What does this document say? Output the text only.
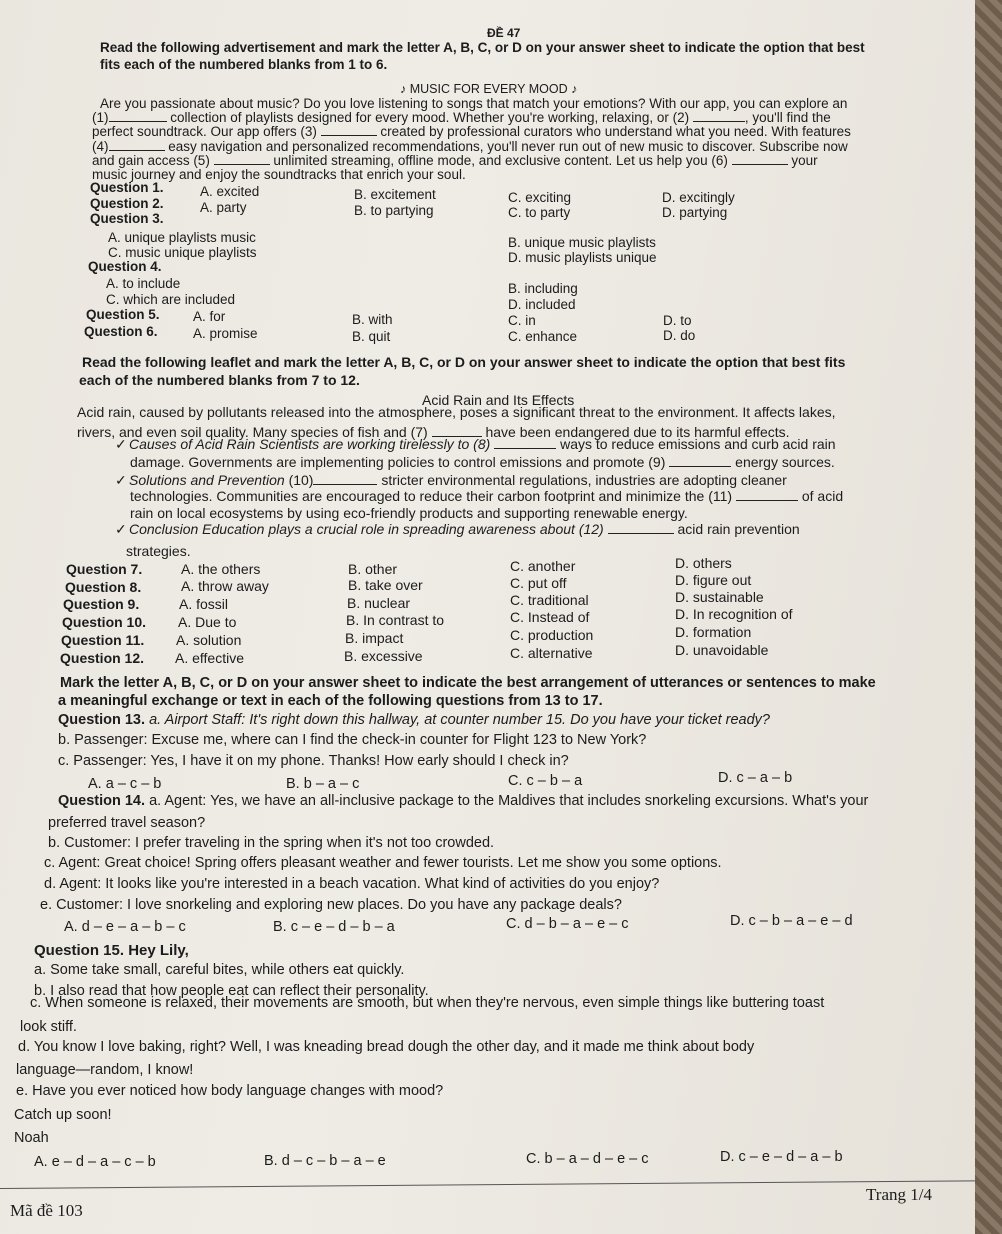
ĐỀ 47
Read the following advertisement and mark the letter A, B, C, or D on your answer sheet to indicate the option that best
fits each of the numbered blanks from 1 to 6.
♪ MUSIC FOR EVERY MOOD ♪
Are you passionate about music? Do you love listening to songs that match your emotions? With our app, you can explore an
(1)	collection of playlists designed for every mood. Whether you're working, relaxing, or (2)	, you'll find the
perfect soundtrack. Our app offers (3)	created by professional curators who understand what you need. With features
(4)	easy navigation and personalized recommendations, you'll never run out of new music to discover. Subscribe now
and gain access (5)	unlimited streaming, offline mode, and exclusive content. Let us help you (6)	your
music journey and enjoy the soundtracks that enrich your soul.
Question 1.	A. excited	B. excitement	C. exciting	D. excitingly
Question 2.	A. party	B. to partying	C. to party	D. partying
Question 3.
A. unique playlists music	B. unique music playlists
C. music unique playlists	D. music playlists unique
Question 4.
A. to include	B. including
C. which are included	D. included
Question 5. A. for	B. with	C. in	D. to
Question 6.	A. promise	B. quit	C. enhance	D. do
Read the following leaflet and mark the letter A, B, C, or D on your answer sheet to indicate the option that best fits
each of the numbered blanks from 7 to 12.
Acid Rain and Its Effects
Acid rain, caused by pollutants released into the atmosphere, poses a significant threat to the environment. It affects lakes,
rivers, and even soil quality. Many species of fish and (7)	have been endangered due to its harmful effects.
✓ Causes of Acid Rain Scientists are working tirelessly to (8)	ways to reduce emissions and curb acid rain
damage. Governments are implementing policies to control emissions and promote (9)	energy sources.
✓ Solutions and Prevention (10)	stricter environmental regulations, industries are adopting cleaner
technologies. Communities are encouraged to reduce their carbon footprint and minimize the (11)	of acid
rain on local ecosystems by using eco-friendly products and supporting renewable energy.
✓ Conclusion Education plays a crucial role in spreading awareness about (12)	acid rain prevention
strategies.
Question 7.	A. the others	B. other	C. another	D. others
Question 8.	A. throw away	B. take over	C. put off	D. figure out
Question 9.	A. fossil	B. nuclear	C. traditional	D. sustainable
Question 10. A. Due to	B. In contrast to	C. Instead of	D. In recognition of
Question 11. A. solution	B. impact	C. production	D. formation
Question 12. A. effective	B. excessive	C. alternative	D. unavoidable
Mark the letter A, B, C, or D on your answer sheet to indicate the best arrangement of utterances or sentences to make
a meaningful exchange or text in each of the following questions from 13 to 17.
Question 13. a. Airport Staff: It's right down this hallway, at counter number 15. Do you have your ticket ready?
b. Passenger: Excuse me, where can I find the check-in counter for Flight 123 to New York?
c. Passenger: Yes, I have it on my phone. Thanks! How early should I check in?
A. a – c – b	B. b – a – c	C. c – b – a	D. c – a – b
Question 14. a. Agent: Yes, we have an all-inclusive package to the Maldives that includes snorkeling excursions. What's your
preferred travel season?
b. Customer: I prefer traveling in the spring when it's not too crowded.
c. Agent: Great choice! Spring offers pleasant weather and fewer tourists. Let me show you some options.
d. Agent: It looks like you're interested in a beach vacation. What kind of activities do you enjoy?
e. Customer: I love snorkeling and exploring new places. Do you have any package deals?
A. d – e – a – b – c	B. c – e – d – b – a	C. d – b – a – e – c	D. c – b – a – e – d
Question 15. Hey Lily,
a. Some take small, careful bites, while others eat quickly.
b. I also read that how people eat can reflect their personality.
c. When someone is relaxed, their movements are smooth, but when they're nervous, even simple things like buttering toast
look stiff.
d. You know I love baking, right? Well, I was kneading bread dough the other day, and it made me think about body
language—random, I know!
e. Have you ever noticed how body language changes with mood?
Catch up soon!
Noah
A. e – d – a – c – b	B. d – c – b – a – e	C. b – a – d – e – c	D. c – e – d – a – b
Mã đề 103
Trang 1/4
